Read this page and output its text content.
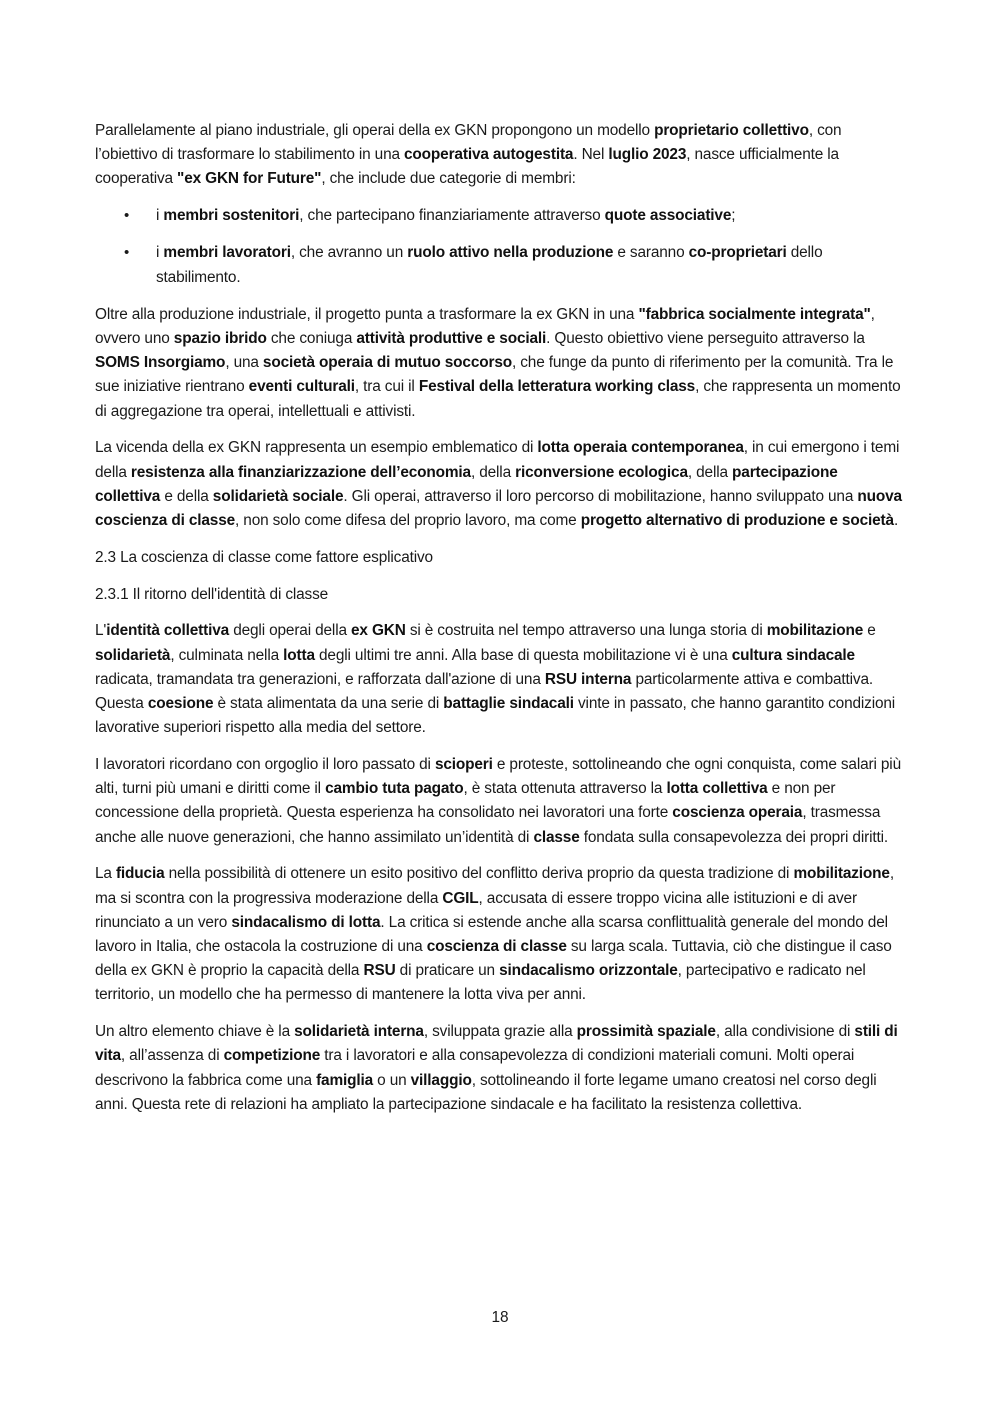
Parallelamente al piano industriale, gli operai della ex GKN propongono un modello proprietario collettivo, con l’obiettivo di trasformare lo stabilimento in una cooperativa autogestita. Nel luglio 2023, nasce ufficialmente la cooperativa "ex GKN for Future", che include due categorie di membri:

• i membri sostenitori, che partecipano finanziariamente attraverso quote associative;
• i membri lavoratori, che avranno un ruolo attivo nella produzione e saranno co-proprietari dello stabilimento.

Oltre alla produzione industriale, il progetto punta a trasformare la ex GKN in una "fabbrica socialmente integrata", ovvero uno spazio ibrido che coniuga attività produttive e sociali. Questo obiettivo viene perseguito attraverso la SOMS Insorgiamo, una società operaia di mutuo soccorso, che funge da punto di riferimento per la comunità. Tra le sue iniziative rientrano eventi culturali, tra cui il Festival della letteratura working class, che rappresenta un momento di aggregazione tra operai, intellettuali e attivisti.

La vicenda della ex GKN rappresenta un esempio emblematico di lotta operaia contemporanea, in cui emergono i temi della resistenza alla finanziarizzazione dell’economia, della riconversione ecologica, della partecipazione collettiva e della solidarietà sociale. Gli operai, attraverso il loro percorso di mobilitazione, hanno sviluppato una nuova coscienza di classe, non solo come difesa del proprio lavoro, ma come progetto alternativo di produzione e società.

2.3 La coscienza di classe come fattore esplicativo

2.3.1 Il ritorno dell'identità di classe

L'identità collettiva degli operai della ex GKN si è costruita nel tempo attraverso una lunga storia di mobilitazione e solidarietà, culminata nella lotta degli ultimi tre anni. Alla base di questa mobilitazione vi è una cultura sindacale radicata, tramandata tra generazioni, e rafforzata dall'azione di una RSU interna particolarmente attiva e combattiva. Questa coesione è stata alimentata da una serie di battaglie sindacali vinte in passato, che hanno garantito condizioni lavorative superiori rispetto alla media del settore.

I lavoratori ricordano con orgoglio il loro passato di scioperi e proteste, sottolineando che ogni conquista, come salari più alti, turni più umani e diritti come il cambio tuta pagato, è stata ottenuta attraverso la lotta collettiva e non per concessione della proprietà. Questa esperienza ha consolidato nei lavoratori una forte coscienza operaia, trasmessa anche alle nuove generazioni, che hanno assimilato un’identità di classe fondata sulla consapevolezza dei propri diritti.

La fiducia nella possibilità di ottenere un esito positivo del conflitto deriva proprio da questa tradizione di mobilitazione, ma si scontra con la progressiva moderazione della CGIL, accusata di essere troppo vicina alle istituzioni e di aver rinunciato a un vero sindacalismo di lotta. La critica si estende anche alla scarsa conflittualità generale del mondo del lavoro in Italia, che ostacola la costruzione di una coscienza di classe su larga scala. Tuttavia, ciò che distingue il caso della ex GKN è proprio la capacità della RSU di praticare un sindacalismo orizzontale, partecipativo e radicato nel territorio, un modello che ha permesso di mantenere la lotta viva per anni.

Un altro elemento chiave è la solidarietà interna, sviluppata grazie alla prossimità spaziale, alla condivisione di stili di vita, all’assenza di competizione tra i lavoratori e alla consapevolezza di condizioni materiali comuni. Molti operai descrivono la fabbrica come una famiglia o un villaggio, sottolineando il forte legame umano creatosi nel corso degli anni. Questa rete di relazioni ha ampliato la partecipazione sindacale e ha facilitato la resistenza collettiva.

18
